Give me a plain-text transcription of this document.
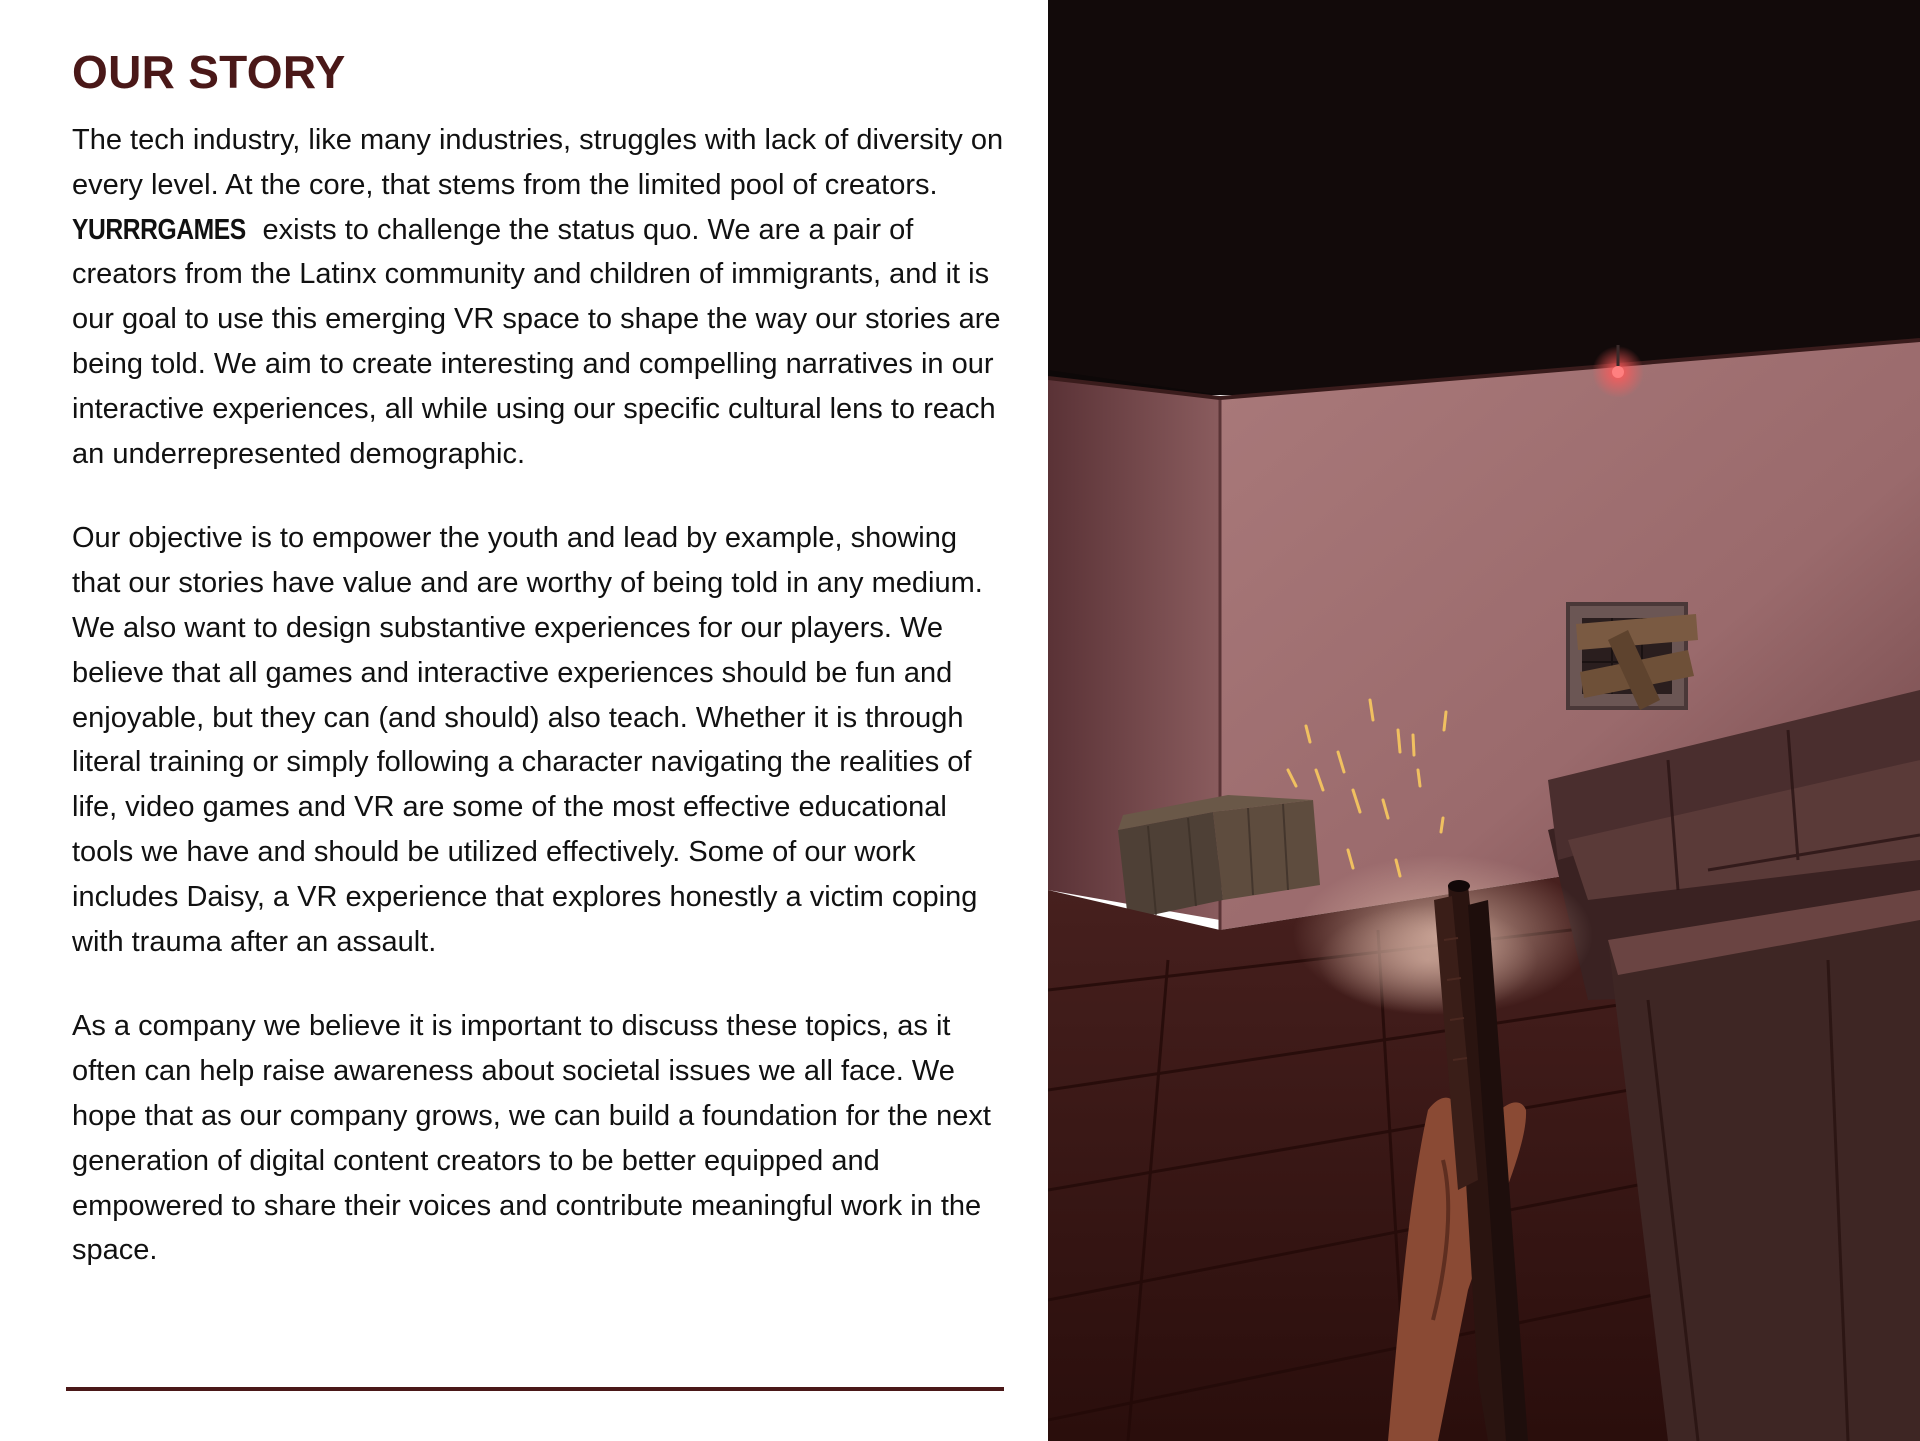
OUR STORY

The tech industry, like many industries, struggles with lack of diversity on every level. At the core, that stems from the limited pool of creators. YURRRGAMES exists to challenge the status quo. We are a pair of creators from the Latinx community and children of immigrants, and it is our goal to use this emerging VR space to shape the way our stories are being told. We aim to create interesting and compelling narratives in our interactive experiences, all while using our specific cultural lens to reach an underrepresented demographic.

Our objective is to empower the youth and lead by example, showing that our stories have value and are worthy of being told in any medium. We also want to design substantive experiences for our players. We believe that all games and interactive experiences should be fun and enjoyable, but they can (and should) also teach. Whether it is through literal training or simply following a character navigating the realities of life, video games and VR are some of the most effective educational tools we have and should be utilized effectively. Some of our work includes Daisy, a VR experience that explores honestly a victim coping with trauma after an assault.

As a company we believe it is important to discuss these topics, as it often can help raise awareness about societal issues we all face. We hope that as our company grows, we can build a foundation for the next generation of digital content creators to be better equipped and empowered to share their voices and contribute meaningful work in the space.
